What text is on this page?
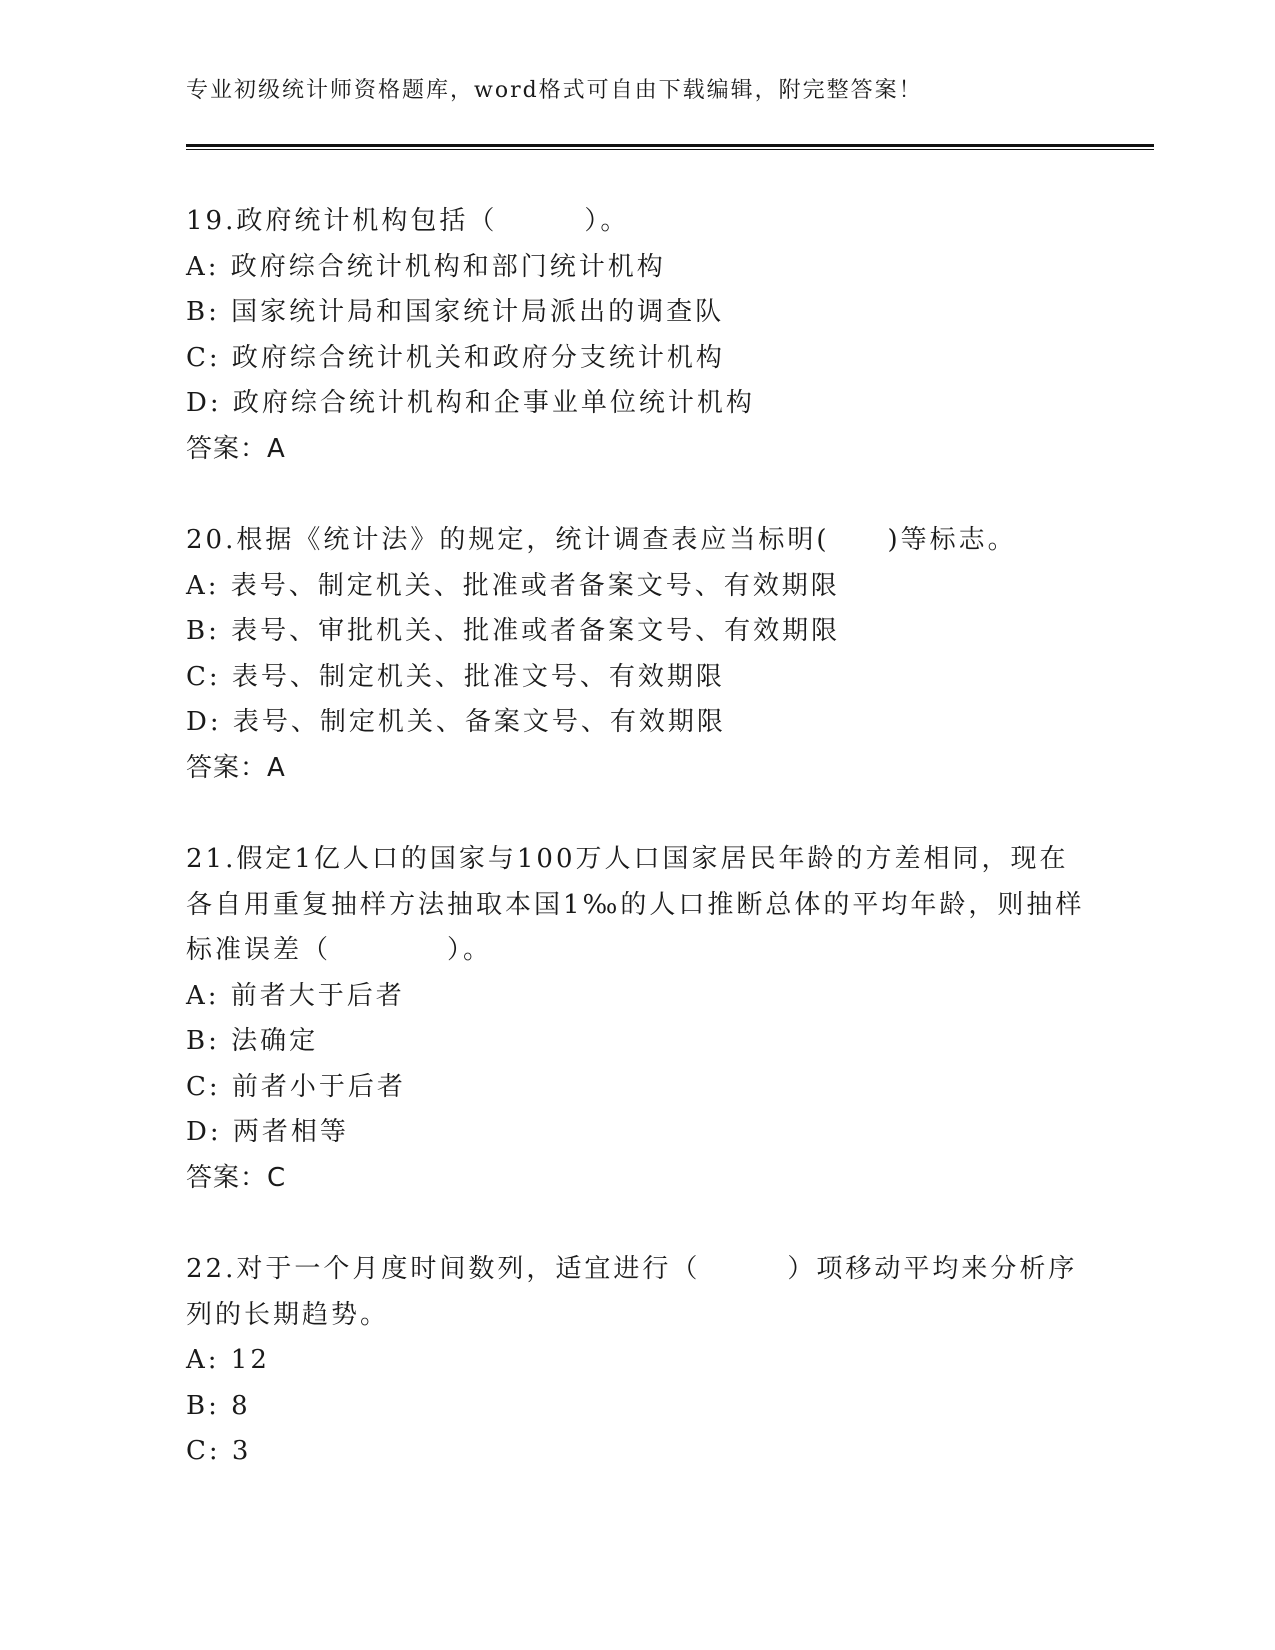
专业初级统计师资格题库，word格式可自由下载编辑，附完整答案！

19.政府统计机构包括（　　　）。

A: 政府综合统计机构和部门统计机构

B: 国家统计局和国家统计局派出的调查队

C: 政府综合统计机关和政府分支统计机构

D: 政府综合统计机构和企事业单位统计机构

答案：A

20.根据《统计法》的规定，统计调查表应当标明(　　)等标志。

A: 表号、制定机关、批准或者备案文号、有效期限

B: 表号、审批机关、批准或者备案文号、有效期限

C: 表号、制定机关、批准文号、有效期限

D: 表号、制定机关、备案文号、有效期限

答案：A

21.假定1亿人口的国家与100万人口国家居民年龄的方差相同，现在各自用重复抽样方法抽取本国1‰的人口推断总体的平均年龄，则抽样标准误差（　　　　）。

A: 前者大于后者

B: 法确定

C: 前者小于后者

D: 两者相等

答案：C

22.对于一个月度时间数列，适宜进行（　　　）项移动平均来分析序列的长期趋势。

A: 12

B: 8

C: 3
